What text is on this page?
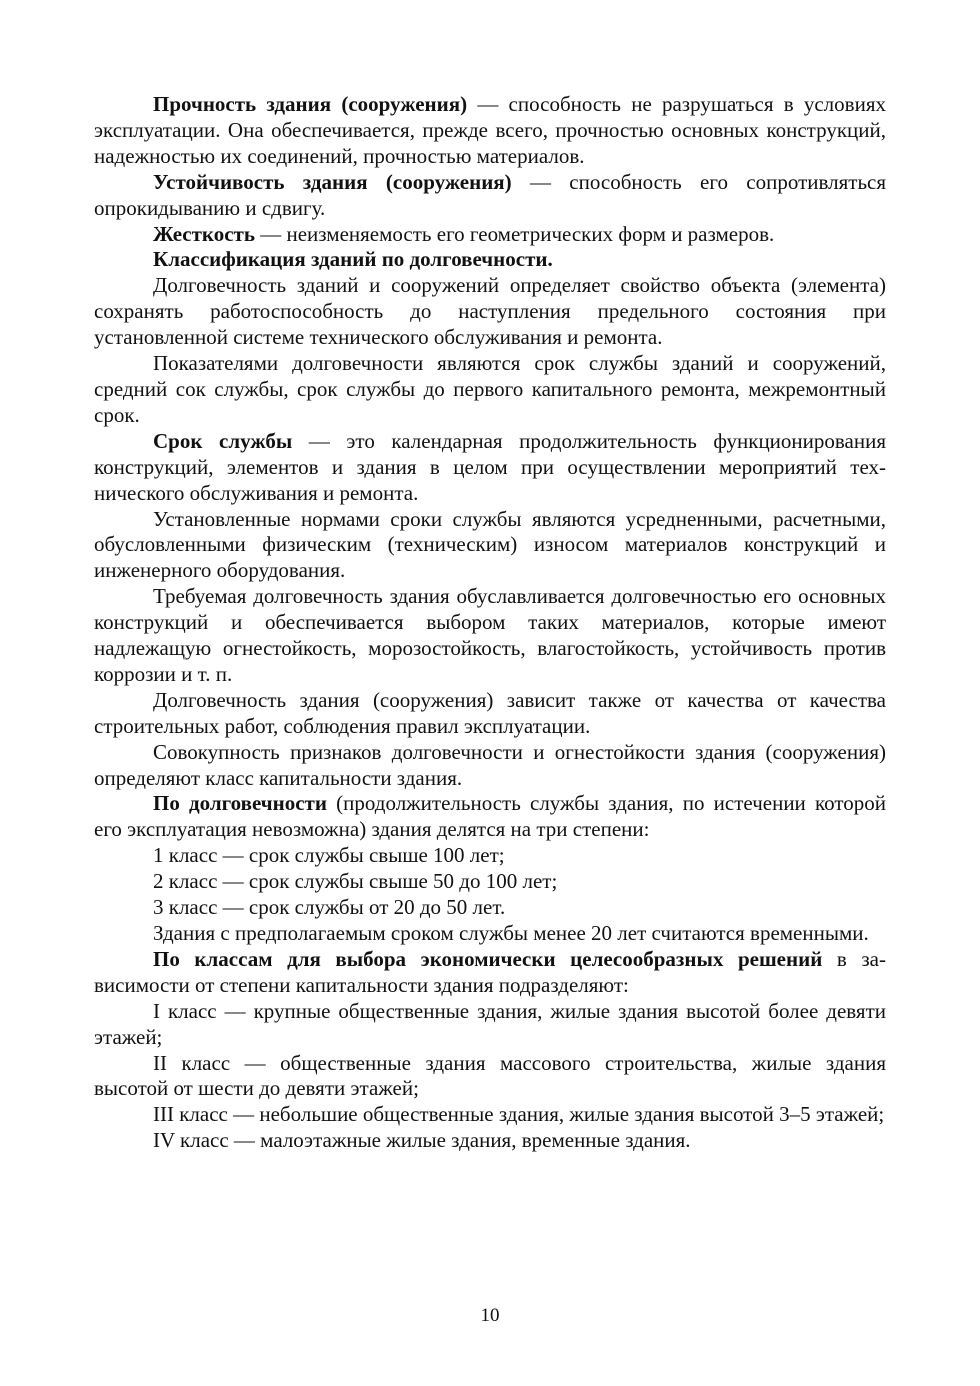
Прочность здания (сооружения) — способность не разрушаться в условиях эксплуатации. Она обеспечивается, прежде всего, прочностью основных конструкций, надежностью их соединений, прочностью материалов.

Устойчивость здания (сооружения) — способность его сопротивляться опрокидыванию и сдвигу.

Жесткость — неизменяемость его геометрических форм и размеров.

Классификация зданий по долговечности.

Долговечность зданий и сооружений определяет свойство объекта (элемента) сохранять работоспособность до наступления предельного состояния при установленной системе технического обслуживания и ремонта.

Показателями долговечности являются срок службы зданий и сооружений, средний сок службы, срок службы до первого капитального ремонта, межремонтный срок.

Срок службы — это календарная продолжительность функционирования конструкций, элементов и здания в целом при осуществлении мероприятий технического обслуживания и ремонта.

Установленные нормами сроки службы являются усредненными, расчетными, обусловленными физическим (техническим) износом материалов конструкций и инженерного оборудования.

Требуемая долговечность здания обуславливается долговечностью его основных конструкций и обеспечивается выбором таких материалов, которые имеют надлежащую огнестойкость, морозостойкость, влагостойкость, устойчивость против коррозии и т. п.

Долговечность здания (сооружения) зависит также от качества от качества строительных работ, соблюдения правил эксплуатации.

Совокупность признаков долговечности и огнестойкости здания (сооружения) определяют класс капитальности здания.

По долговечности (продолжительность службы здания, по истечении которой его эксплуатация невозможна) здания делятся на три степени:

1 класс — срок службы свыше 100 лет;

2 класс — срок службы свыше 50 до 100 лет;

3 класс — срок службы от 20 до 50 лет.

Здания с предполагаемым сроком службы менее 20 лет считаются временными.

По классам для выбора экономически целесообразных решений в зависимости от степени капитальности здания подразделяют:

I класс — крупные общественные здания, жилые здания высотой более девяти этажей;

II класс — общественные здания массового строительства, жилые здания высотой от шести до девяти этажей;

III класс — небольшие общественные здания, жилые здания высотой 3–5 этажей;

IV класс — малоэтажные жилые здания, временные здания.

10
